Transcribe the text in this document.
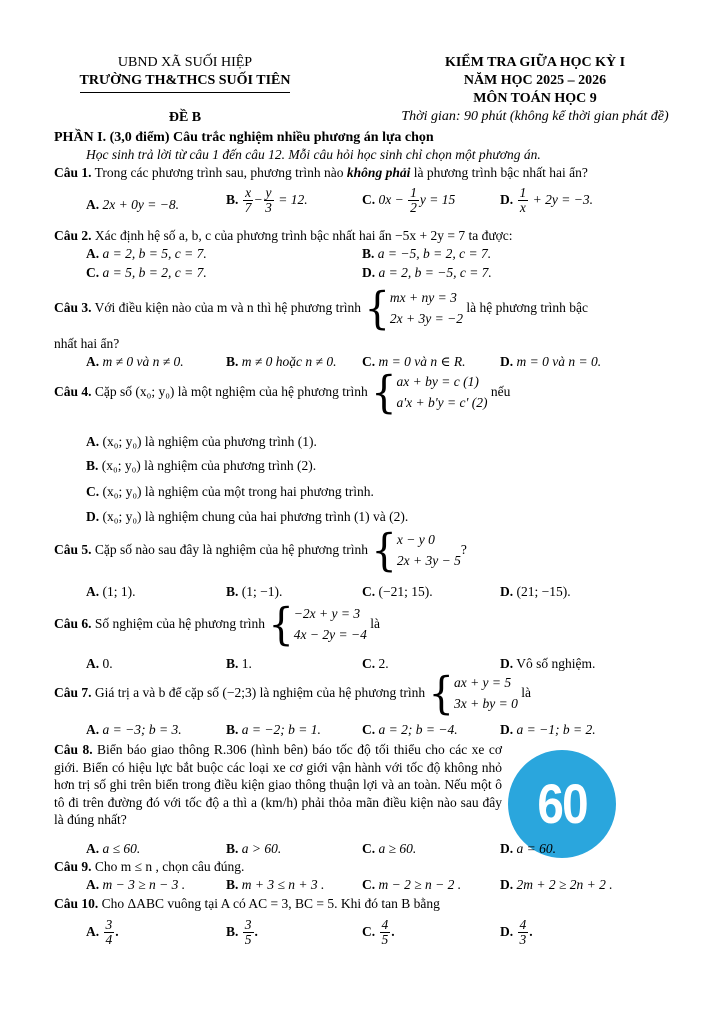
UBND XÃ SUỐI HIỆP
TRƯỜNG TH&THCS SUỐI TIÊN
ĐỀ B
KIỂM TRA GIỮA HỌC KỲ I
NĂM HỌC 2025 – 2026
MÔN TOÁN HỌC 9
Thời gian: 90 phút (không kể thời gian phát đề)
PHẦN I. (3,0 điểm) Câu trắc nghiệm nhiều phương án lựa chọn
Học sinh trả lời từ câu 1 đến câu 12. Mỗi câu hỏi học sinh chỉ chọn một phương án.
Câu 1. Trong các phương trình sau, phương trình nào không phải là phương trình bậc nhất hai ẩn?
A. 2x + 0y = −8.	B. $\frac{x}{7} - \frac{y}{3} = 12$.	C. $0x - \frac{1}{2}$ y = 15	D. $\frac{1}{x} + 2y = -3$.
Câu 2. Xác định hệ số a, b, c của phương trình bậc nhất hai ẩn −5x + 2y = 7 ta được:
A. a = 2, b = 5, c = 7.	B. a = −5, b = 2, c = 7.
C. a = 5, b = 2, c = 7.	D. a = 2, b = −5, c = 7.
Câu 3. Với điều kiện nào của m và n thì hệ phương trình { mx + ny = 3
2x + 3y = −2
là hệ phương trình bậc
nhất hai ẩn?
A. m ≠ 0 và n ≠ 0.	B. m ≠ 0 hoặc n ≠ 0. C. m = 0 và n ∈ R.	D. m = 0 và n = 0.
Câu 4. Cặp số (x₀; y₀) là một nghiệm của hệ phương trình { ax + by = c (1)
a'x + b'y = c' (2)
nếu
A. (x₀; y₀) là nghiệm của phương trình (1).
B. (x₀; y₀) là nghiệm của phương trình (2).
C. (x₀; y₀) là nghiệm của một trong hai phương trình.
D. (x₀; y₀) là nghiệm chung của hai phương trình (1) và (2).
Câu 5. Cặp số nào sau đây là nghiệm của hệ phương trình { x − y 0
2x + 3y − 5
?
A. (1; 1).	B. (1; −1).	C. (−21; 15).	D. (21; −15).
Câu 6. Số nghiệm của hệ phương trình { −2x + y = 3
4x − 2y = −4
là
A. 0.	B. 1.	C. 2.	D. Vô số nghiệm.
Câu 7. Giá trị a và b để cặp số (−2;3) là nghiệm của hệ phương trình { ax + y = 5
3x + by = 0
là
A. a = −3; b = 3.	B. a = −2; b = 1.	C. a = 2; b = −4.	D. a = −1; b = 2.
Câu 8. Biển báo giao thông R.306 (hình bên) báo tốc độ tối thiểu cho các xe cơ giới. Biển có hiệu lực bắt buộc các loại xe cơ giới vận hành với tốc độ không nhỏ hơn trị số ghi trên biển trong điều kiện giao thông thuận lợi và an toàn. Nếu một ô tô đi trên đường đó với tốc độ a thì a (km/h) phải thỏa mãn điều kiện nào sau đây là đúng nhất?	60
A. a ≤ 60.	B. a > 60.	C. a ≥ 60.	D. a = 60.
Câu 9. Cho m ≤ n , chọn câu đúng.
A. m − 3 ≥ n − 3 .	B. m + 3 ≤ n + 3 .	C. m − 2 ≥ n − 2 .	D. 2m + 2 ≥ 2n + 2 .
Câu 10. Cho ΔABC vuông tại A có AC = 3, BC = 5. Khi đó tan B bằng
A. $\frac{3}{4}$ .	B. $\frac{3}{5}$ .	C. $\frac{4}{5}$ .	D. $\frac{4}{3}$ .
